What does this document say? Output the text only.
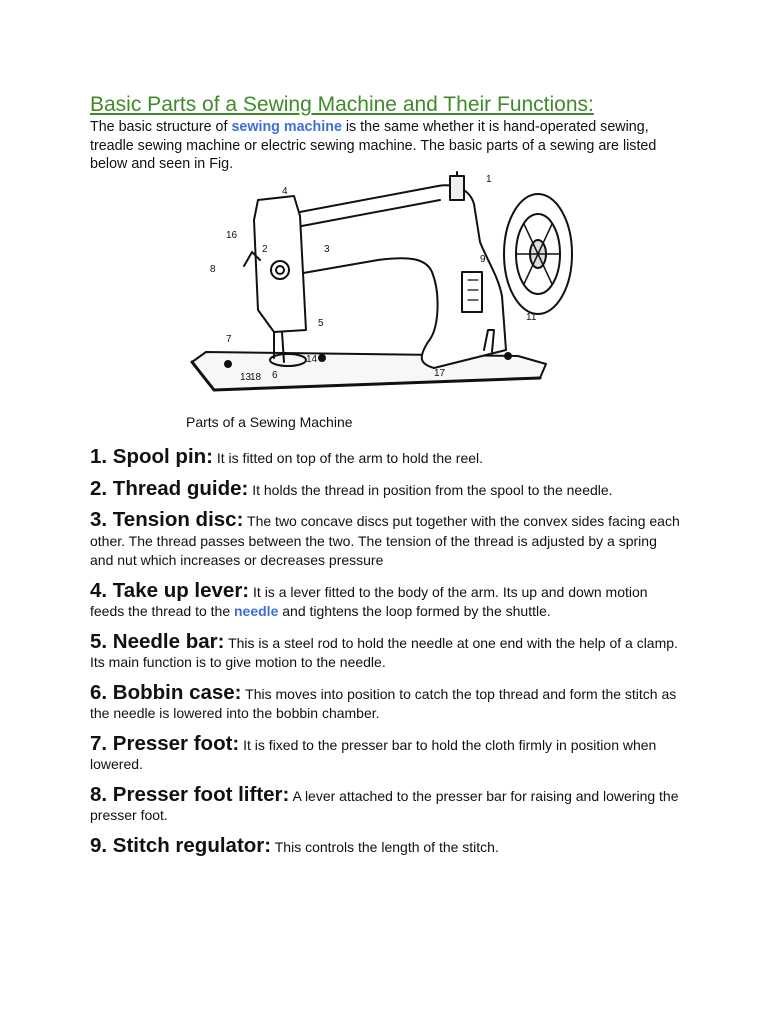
Basic Parts of a Sewing Machine and Their Functions:

The basic structure of sewing machine is the same whether it is hand-operated sewing, treadle sewing machine or electric sewing machine. The basic parts of a sewing are listed below and seen in Fig.

1
2	3
4
5
6
7
8
9
11
13
14
16
17
18
Parts of a Sewing Machine

1. Spool pin: It is fitted on top of the arm to hold the reel.

2. Thread guide: It holds the thread in position from the spool to the needle.

3. Tension disc: The two concave discs put together with the convex sides facing each other. The thread passes between the two. The tension of the thread is adjusted by a spring and nut which increases or decreases pressure

4. Take up lever: It is a lever fitted to the body of the arm. Its up and down motion feeds the thread to the needle and tightens the loop formed by the shuttle.

5. Needle bar: This is a steel rod to hold the needle at one end with the help of a clamp. Its main function is to give motion to the needle.

6. Bobbin case: This moves into position to catch the top thread and form the stitch as the needle is lowered into the bobbin chamber.

7. Presser foot: It is fixed to the presser bar to hold the cloth firmly in position when lowered.

8. Presser foot lifter: A lever attached to the presser bar for raising and lowering the presser foot.

9. Stitch regulator: This controls the length of the stitch.
